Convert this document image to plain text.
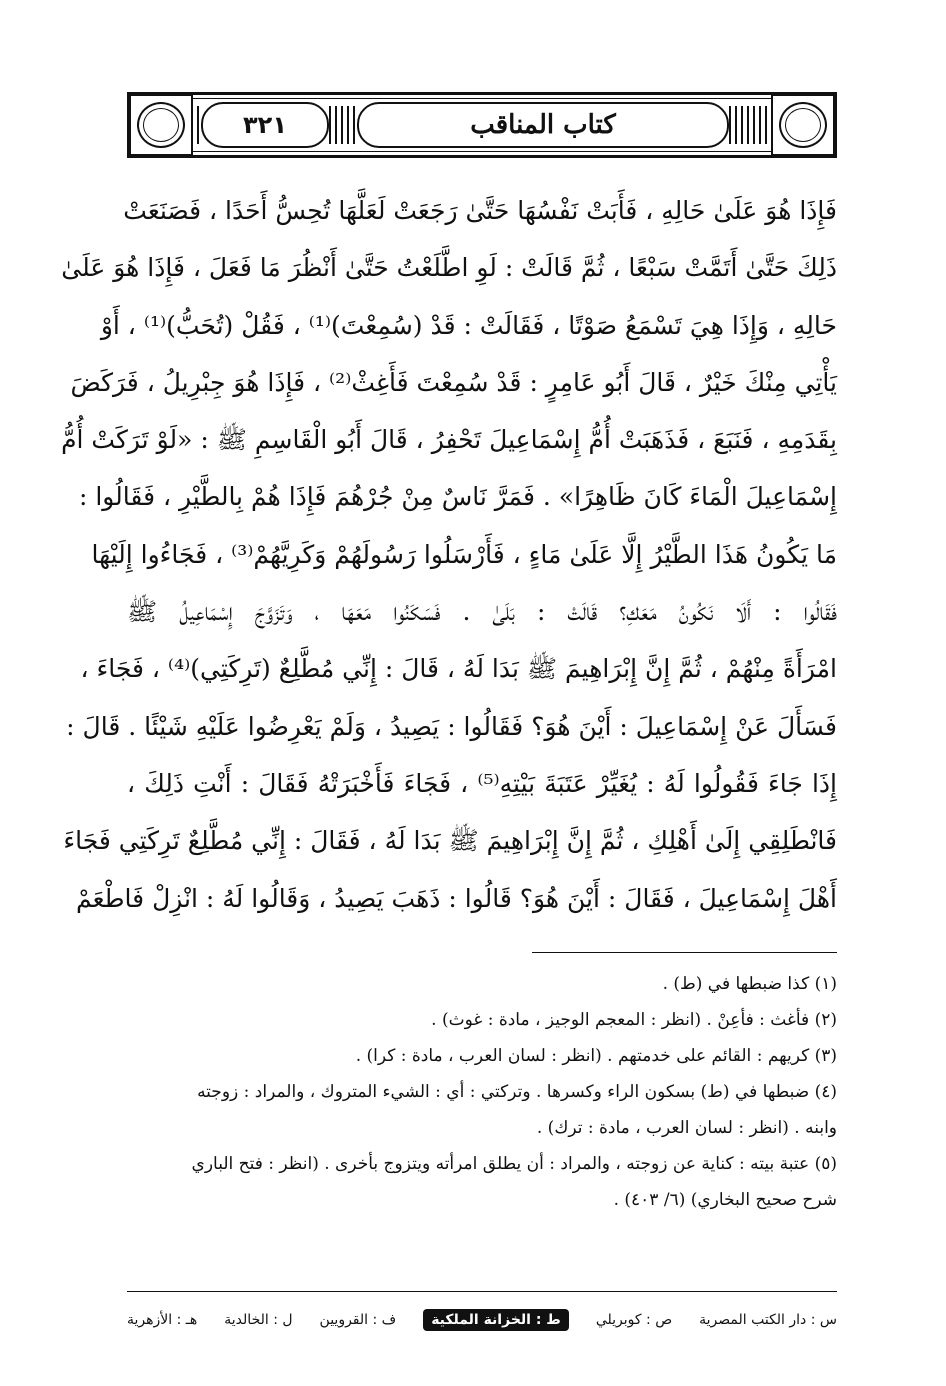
٣٢١	كتاب المناقب
فَإِذَا هُوَ عَلَىٰ حَالِهِ ، فَأَبَتْ نَفْسُهَا حَتَّىٰ رَجَعَتْ لَعَلَّهَا تُحِسُّ أَحَدًا ، فَصَنَعَتْ
ذَلِكَ حَتَّىٰ أَتَمَّتْ سَبْعًا ، ثُمَّ قَالَتْ : لَوِ اطَّلَعْتُ حَتَّىٰ أَنْظُرَ مَا فَعَلَ ، فَإِذَا هُوَ عَلَىٰ
حَالِهِ ، وَإِذَا هِيَ تَسْمَعُ صَوْتًا ، فَقَالَتْ : قَدْ (سُمِعْتَ)⁽¹⁾ ، فَقُلْ (تُحَبُّ)⁽¹⁾ ، أَوْ
يَأْتِي مِنْكَ خَيْرٌ ، قَالَ أَبُو عَامِرٍ : قَدْ سُمِعْتَ فَأَغِثْ⁽²⁾ ، فَإِذَا هُوَ جِبْرِيلُ ، فَرَكَضَ
بِقَدَمِهِ ، فَنَبَعَ ، فَذَهَبَتْ أُمُّ إِسْمَاعِيلَ تَحْفِرُ ، قَالَ أَبُو الْقَاسِمِ ﷺ : «لَوْ تَرَكَتْ أُمُّ
إِسْمَاعِيلَ الْمَاءَ كَانَ ظَاهِرًا» . فَمَرَّ نَاسٌ مِنْ جُرْهُمَ فَإِذَا هُمْ بِالطَّيْرِ ، فَقَالُوا :
مَا يَكُونُ هَذَا الطَّيْرُ إِلَّا عَلَىٰ مَاءٍ ، فَأَرْسَلُوا رَسُولَهُمْ وَكَرِيَّهُمْ⁽³⁾ ، فَجَاءُوا إِلَيْهَا
فَقَالُوا : أَلَا نَكُونُ مَعَكِ؟ قَالَتْ : بَلَىٰ . فَسَكَنُوا مَعَهَا ، وَتَزَوَّجَ إِسْمَاعِيلُ ﷺ
امْرَأَةً مِنْهُمْ ، ثُمَّ إِنَّ إِبْرَاهِيمَ ﷺ بَدَا لَهُ ، قَالَ : إِنِّي مُطَّلِعٌ (تَرِكَتِي)⁽⁴⁾ ، فَجَاءَ ،
فَسَأَلَ عَنْ إِسْمَاعِيلَ : أَيْنَ هُوَ؟ فَقَالُوا : يَصِيدُ ، وَلَمْ يَعْرِضُوا عَلَيْهِ شَيْئًا . قَالَ :
إِذَا جَاءَ فَقُولُوا لَهُ : يُغَيِّرْ عَتَبَةَ بَيْتِهِ⁽⁵⁾ ، فَجَاءَ فَأَخْبَرَتْهُ فَقَالَ : أَنْتِ ذَلِكَ ،
فَانْطَلِقِي إِلَىٰ أَهْلِكِ ، ثُمَّ إِنَّ إِبْرَاهِيمَ ﷺ بَدَا لَهُ ، فَقَالَ : إِنِّي مُطَّلِعٌ تَرِكَتِي فَجَاءَ
أَهْلَ إِسْمَاعِيلَ ، فَقَالَ : أَيْنَ هُوَ؟ قَالُوا : ذَهَبَ يَصِيدُ ، وَقَالُوا لَهُ : انْزِلْ فَاطْعَمْ
(١) كذا ضبطها في (ط) .
(٢) فأغث : فأعِنْ . (انظر : المعجم الوجيز ، مادة : غوث) .
(٣) كريهم : القائم على خدمتهم . (انظر : لسان العرب ، مادة : كرا) .
(٤) ضبطها في (ط) بسكون الراء وكسرها . وتركتي : أي : الشيء المتروك ، والمراد : زوجته
وابنه . (انظر : لسان العرب ، مادة : ترك) .
(٥) عتبة بيته : كناية عن زوجته ، والمراد : أن يطلق امرأته ويتزوج بأخرى . (انظر : فتح الباري
شرح صحيح البخاري) (٦/ ٤٠٣) .
س : دار الكتب المصرية
ص : كوبريلي
ط : الخزانة الملكية
ف : القرويين
ل : الخالدية
هـ : الأزهرية
